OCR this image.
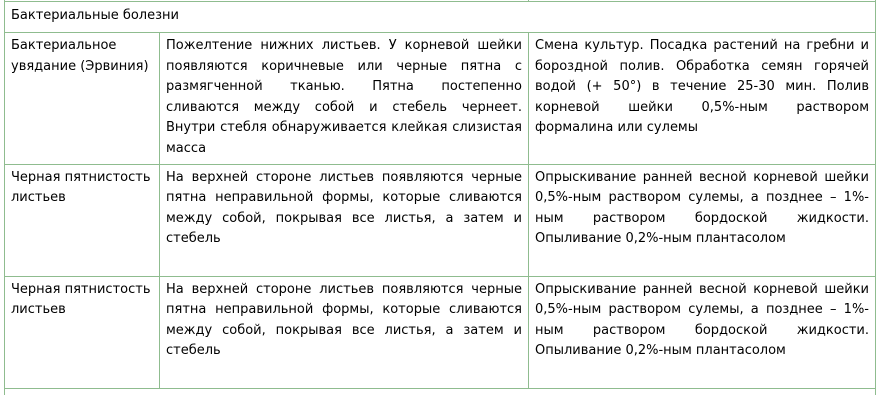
Бактериальные болезни		
Бактериальное увядание (Эрвиния)	Пожелтение нижних листьев. У корневой шейки появляются коричневые или черные пятна с размягченной тканью. Пятна постепенно сливаются между собой и стебель чернеет. Внутри стебля обнаруживается клейкая слизистая масса	Смена культур. Посадка растений на гребни и бороздной полив. Обработка семян горячей водой (+ 50°) в течение 25-30 мин. Полив корневой шейки 0,5%-ным раствором формалина или сулемы
Черная пятнистость листьев	На верхней стороне листьев появляются черные пятна неправильной формы, которые сливаются между собой, покрывая все листья, а затем и стебель	Опрыскивание ранней весной корневой шейки 0,5%-ным раствором сулемы, а позднее – 1%-ным раствором бордоской жидкости. Опыливание 0,2%-ным плантасолом
Черная пятнистость листьев	На верхней стороне листьев появляются черные пятна неправильной формы, которые сливаются между собой, покрывая все листья, а затем и стебель	Опрыскивание ранней весной корневой шейки 0,5%-ным раствором сулемы, а позднее – 1%-ным раствором бордоской жидкости. Опыливание 0,2%-ным плантасолом
